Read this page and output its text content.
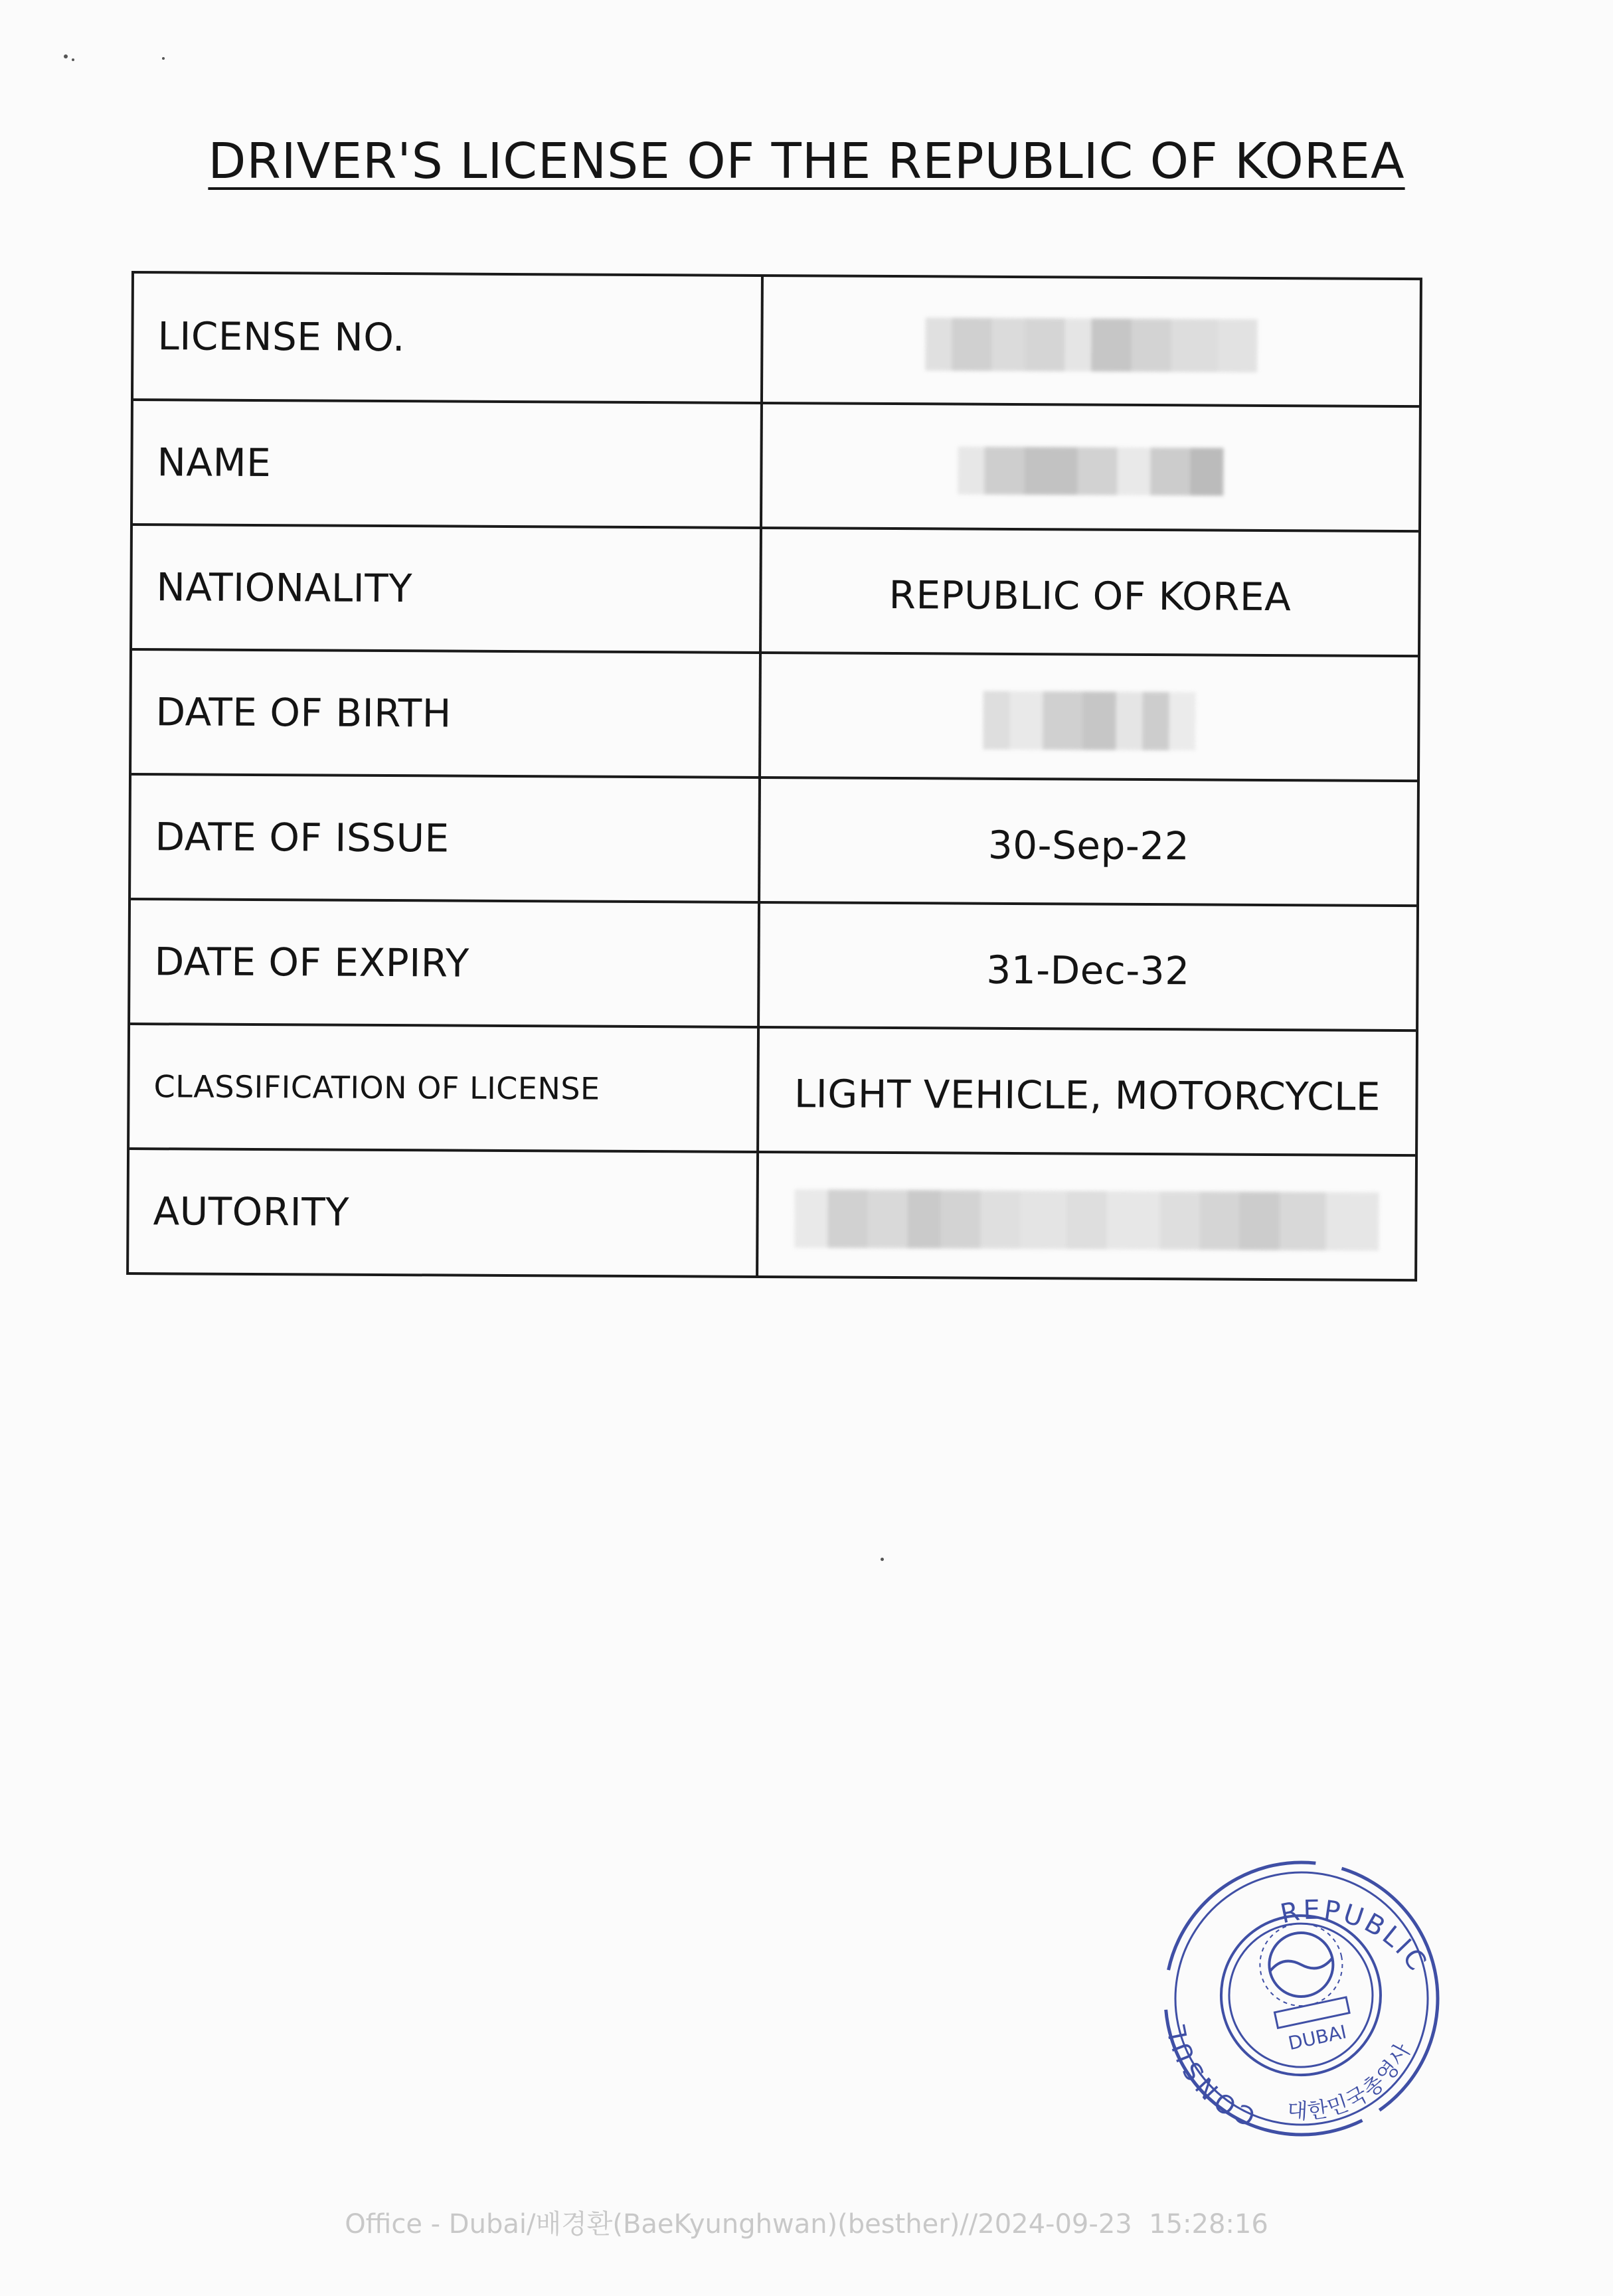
DRIVER'S LICENSE OF THE REPUBLIC OF KOREA
LICENSE NO.
NAME
NATIONALITY	REPUBLIC OF KOREA
DATE OF BIRTH
DATE OF ISSUE	30-Sep-22
DATE OF EXPIRY	31-Dec-32
CLASSIFICATION OF LICENSE	LIGHT VEHICLE, MOTORCYCLE
AUTORITY
DUBAI
REPUBLIC
CONSULATE
대한민국총영사관
Office - Dubai/배경환(BaeKyunghwan)(besther)//2024-09-23  15:28:16
